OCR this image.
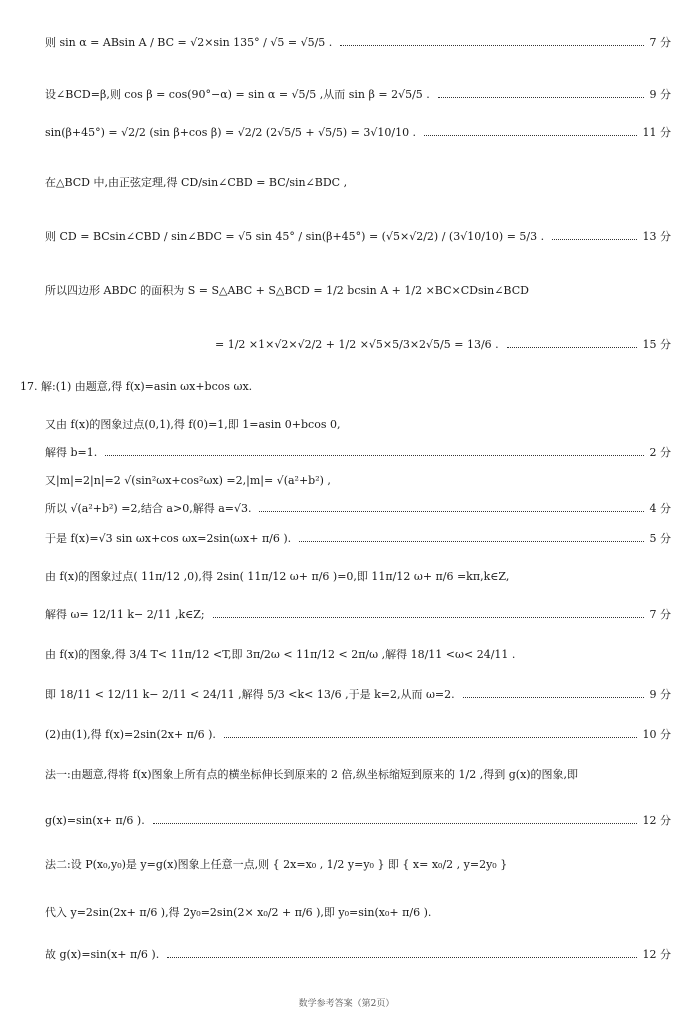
则 sin α = ABsin A / BC = √2×sin 135° / √5 = √5/5 .	7 分
设∠BCD=β,则 cos β = cos(90°−α) = sin α = √5/5 ,从而 sin β = 2√5/5 .	9 分
sin(β+45°) = √2/2 (sin β+cos β) = √2/2 (2√5/5 + √5/5) = 3√10/10 .	11 分
在△BCD 中,由正弦定理,得 CD/sin∠CBD = BC/sin∠BDC ,
则 CD = BCsin∠CBD / sin∠BDC = √5 sin 45° / sin(β+45°) = (√5×√2/2) / (3√10/10) = 5/3 .	13 分
所以四边形 ABDC 的面积为 S = S△ABC + S△BCD = 1/2 bcsin A + 1/2 ×BC×CDsin∠BCD
= 1/2 ×1×√2×√2/2 + 1/2 ×√5×5/3×2√5/5 = 13/6 .	15 分
17. 解:(1) 由题意,得 f(x)=asin ωx+bcos ωx.
又由 f(x)的图象过点(0,1),得 f(0)=1,即 1=asin 0+bcos 0,
解得 b=1.	2 分
又|m|=2|n|=2 √(sin²ωx+cos²ωx) =2,|m|= √(a²+b²) ,
所以 √(a²+b²) =2,结合 a>0,解得 a=√3.	4 分
于是 f(x)=√3 sin ωx+cos ωx=2sin(ωx+ π/6 ).	5 分
由 f(x)的图象过点( 11π/12 ,0),得 2sin( 11π/12 ω+ π/6 )=0,即 11π/12 ω+ π/6 =kπ,k∈Z,
解得 ω= 12/11 k− 2/11 ,k∈Z;	7 分
由 f(x)的图象,得 3/4 T< 11π/12 <T,即 3π/2ω < 11π/12 < 2π/ω ,解得 18/11 <ω< 24/11 .
即 18/11 < 12/11 k− 2/11 < 24/11 ,解得 5/3 <k< 13/6 ,于是 k=2,从而 ω=2.	9 分
(2)由(1),得 f(x)=2sin(2x+ π/6 ).	10 分
法一:由题意,得将 f(x)图象上所有点的横坐标伸长到原来的 2 倍,纵坐标缩短到原来的 1/2 ,得到 g(x)的图象,即
g(x)=sin(x+ π/6 ).	12 分
法二:设 P(x₀,y₀)是 y=g(x)图象上任意一点,则 { 2x=x₀ , 1/2 y=y₀ } 即 { x= x₀/2 , y=2y₀ }
代入 y=2sin(2x+ π/6 ),得 2y₀=2sin(2× x₀/2 + π/6 ),即 y₀=sin(x₀+ π/6 ).
故 g(x)=sin(x+ π/6 ).	12 分
数学参考答案（第2页）
